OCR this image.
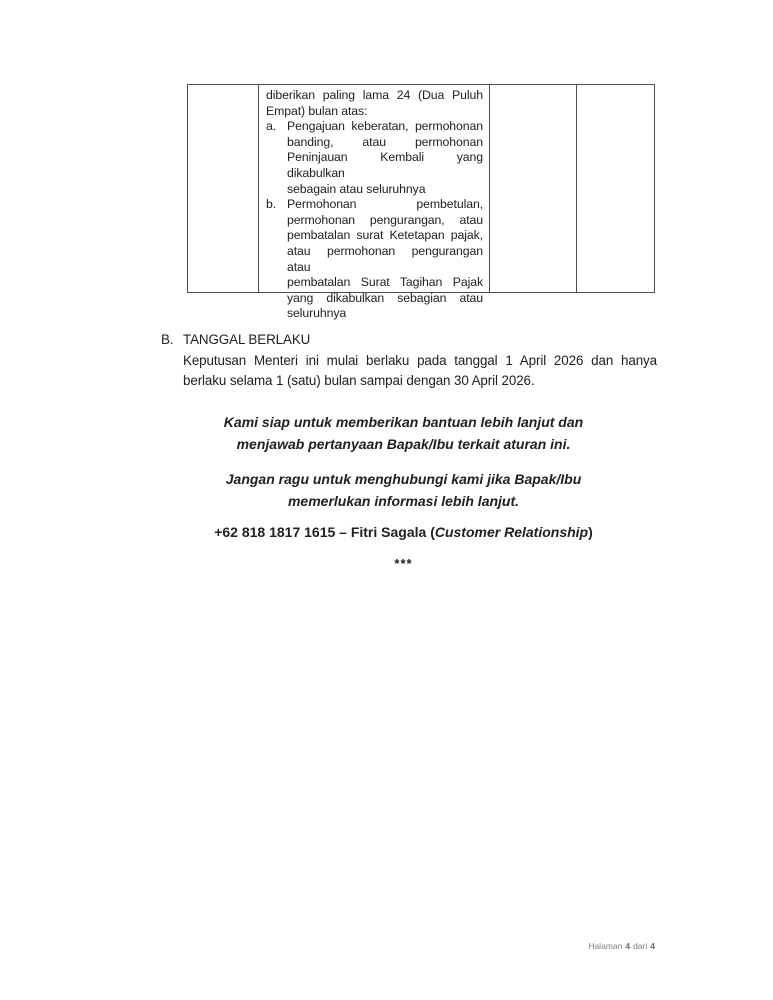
diberikan paling lama 24 (Dua Puluh
Empat) bulan atas:
a. Pengajuan keberatan, permohonan
banding, atau permohonan
Peninjauan Kembali yang dikabulkan
sebagain atau seluruhnya
b. Permohonan pembetulan,
permohonan pengurangan, atau
pembatalan surat Ketetapan pajak,
atau permohonan pengurangan atau
pembatalan Surat Tagihan Pajak
yang dikabulkan sebagian atau
seluruhnya
B. TANGGAL BERLAKU
Keputusan Menteri ini mulai berlaku pada tanggal 1 April 2026 dan hanya
berlaku selama 1 (satu) bulan sampai dengan 30 April 2026.
Kami siap untuk memberikan bantuan lebih lanjut dan
menjawab pertanyaan Bapak/Ibu terkait aturan ini.
Jangan ragu untuk menghubungi kami jika Bapak/Ibu
memerlukan informasi lebih lanjut.
+62 818 1817 1615 – Fitri Sagala (Customer Relationship)
***
Halaman 4 dari 4
